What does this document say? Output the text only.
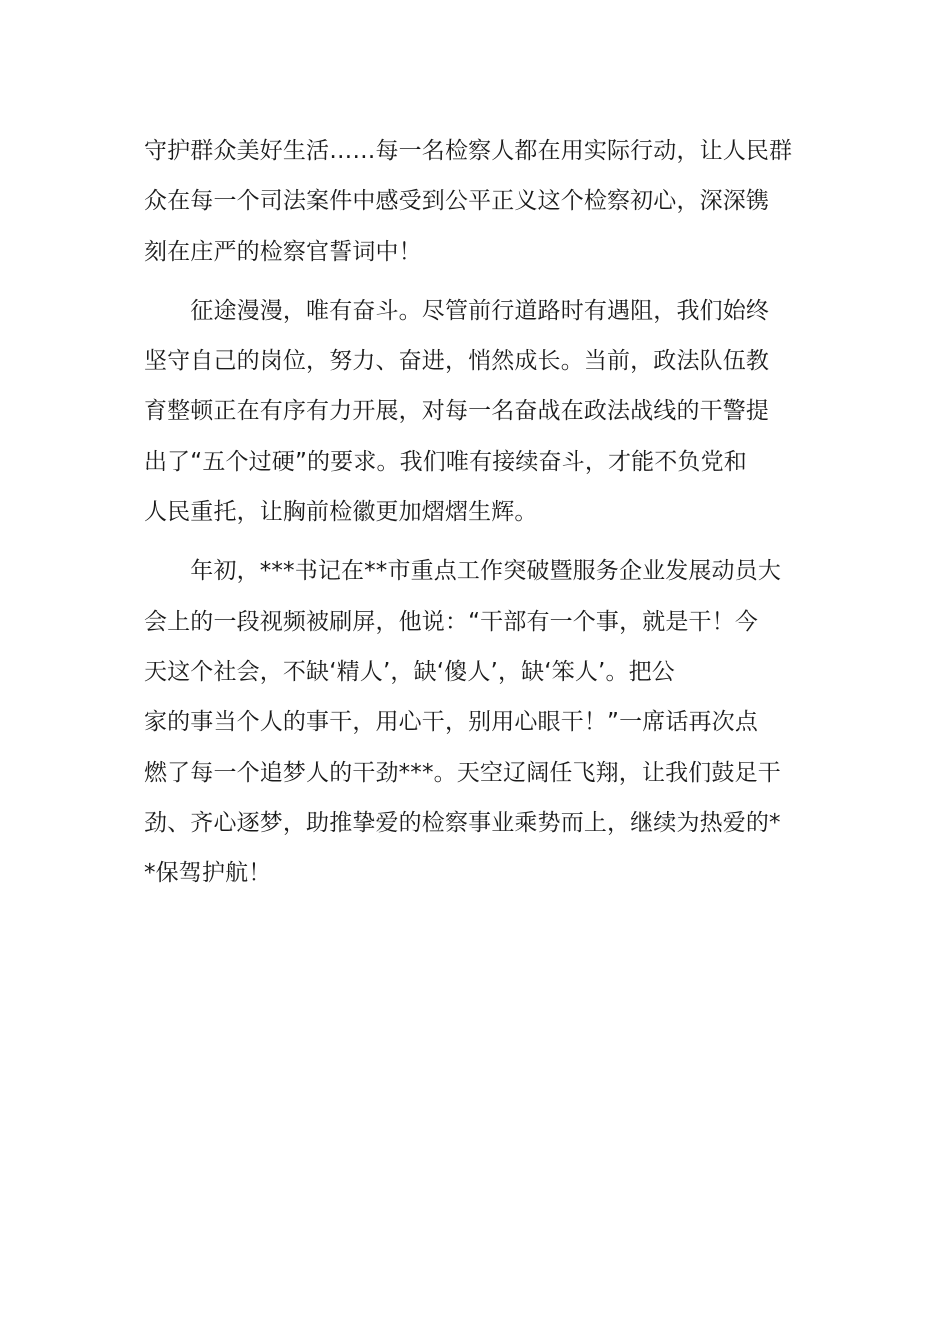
守护群众美好生活……每一名检察人都在用实际行动，让人民群
众在每一个司法案件中感受到公平正义这个检察初心，深深镌
刻在庄严的检察官誓词中！
　　征途漫漫，唯有奋斗。尽管前行道路时有遇阻，我们始终
坚守自己的岗位，努力、奋进，悄然成长。当前，政法队伍教
育整顿正在有序有力开展，对每一名奋战在政法战线的干警提
出了“五个过硬”的要求。我们唯有接续奋斗，才能不负党和
人民重托，让胸前检徽更加熠熠生辉。
　　年初，***书记在**市重点工作突破暨服务企业发展动员大
会上的一段视频被刷屏，他说：“干部有一个事，就是干！今
天这个社会，不缺‘精人’，缺‘傻人’，缺‘笨人’。把公
家的事当个人的事干，用心干，别用心眼干！”一席话再次点
燃了每一个追梦人的干劲***。天空辽阔任飞翔，让我们鼓足干
劲、齐心逐梦，助推挚爱的检察事业乘势而上，继续为热爱的*
*保驾护航！
